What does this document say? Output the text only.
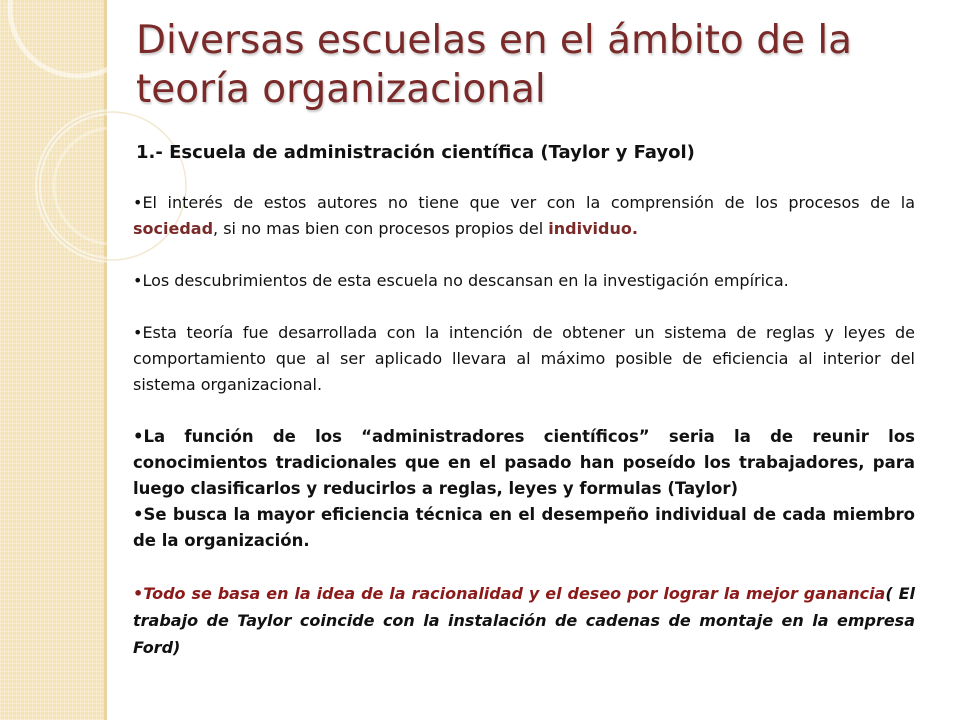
Diversas escuelas en el ámbito de la
teoría organizacional

1.- Escuela de administración científica (Taylor y Fayol)

•El interés de estos autores no tiene que ver con la comprensión de los procesos de la sociedad, si no mas bien con procesos propios del individuo.

•Los descubrimientos de esta escuela no descansan en la investigación empírica.

•Esta teoría fue desarrollada con la intención de obtener un sistema de reglas y leyes de comportamiento que al ser aplicado llevara al máximo posible de eficiencia al interior del sistema organizacional.

•La función de los “administradores científicos” seria la de reunir los conocimientos tradicionales que en el pasado han poseído los trabajadores, para luego clasificarlos y reducirlos a reglas, leyes y formulas (Taylor)

•Se busca la mayor eficiencia técnica en el desempeño individual de cada miembro de la organización.

•Todo se basa en la idea de la racionalidad y el deseo por lograr la mejor ganancia( El trabajo de Taylor coincide con la instalación de cadenas de montaje en la empresa Ford)
